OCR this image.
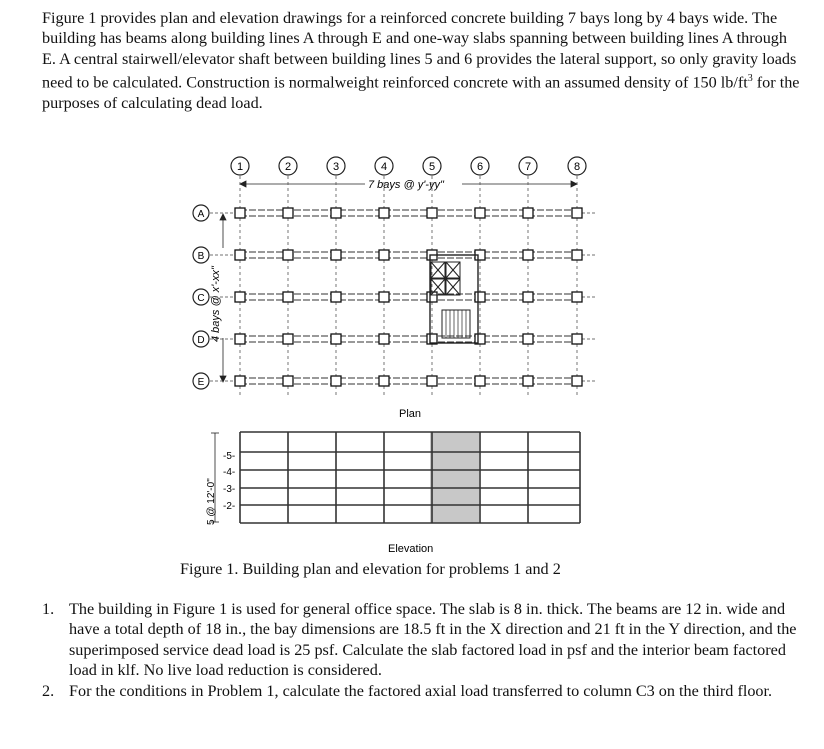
Figure 1 provides plan and elevation drawings for a reinforced concrete building 7 bays long by 4 bays wide. The building has beams along building lines A through E and one-way slabs spanning between building lines A through E. A central stairwell/elevator shaft between building lines 5 and 6 provides the lateral support, so only gravity loads need to be calculated. Construction is normalweight reinforced concrete with an assumed density of 150 $lb/ft^3$ for the purposes of calculating dead load.

1	2	3	4	5	6	7	8
7 bays @ y'-yy"
4 bays @ x'-xx"
A
B
C
D
E
Plan
5 @ 12'-0"
-5-
-4-
-3-
-2-
Elevation
Figure 1. Building plan and elevation for problems 1 and 2
1. The building in Figure 1 is used for general office space. The slab is 8 in. thick. The beams are 12 in. wide and have a total depth of 18 in., the bay dimensions are 18.5 ft in the X direction and 21 ft in the Y direction, and the superimposed service dead load is 25 psf. Calculate the slab factored load in psf and the interior beam factored load in klf. No live load reduction is considered.
2. For the conditions in Problem 1, calculate the factored axial load transferred to column C3 on the third floor.
